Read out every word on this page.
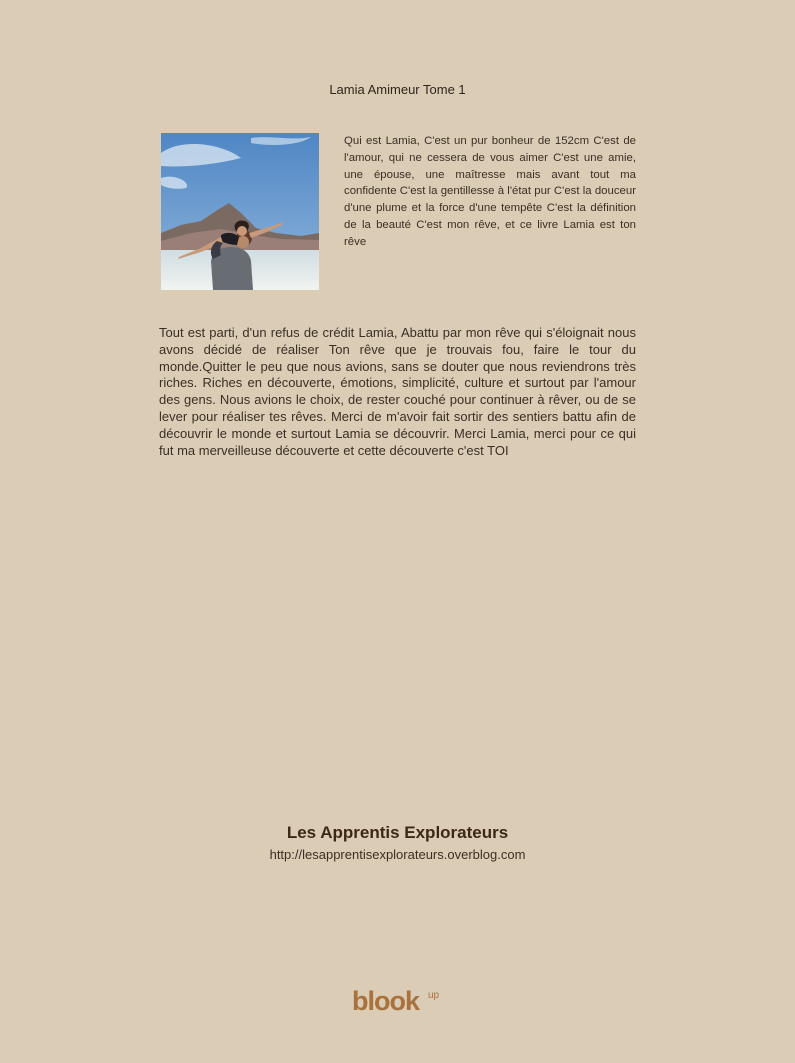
Lamia Amimeur Tome 1
Qui est Lamia, C'est un pur bonheur de 152cm C'est de l'amour, qui ne cessera de vous aimer C'est une amie, une épouse, une maîtresse mais avant tout ma confidente C'est la gentillesse à l'état pur C'est la douceur d'une plume et la force d'une tempête C'est la définition de la beauté C'est mon rêve, et ce livre Lamia est ton rêve
Tout est parti, d'un refus de crédit Lamia, Abattu par mon rêve qui s'éloignait nous avons décidé de réaliser Ton rêve que je trouvais fou, faire le tour du monde.Quitter le peu que nous avions, sans se douter que nous reviendrons très riches. Riches en découverte, émotions, simplicité, culture et surtout par l'amour des gens. Nous avions le choix, de rester couché pour continuer à rêver, ou de se lever pour réaliser tes rêves. Merci de m'avoir fait sortir des sentiers battu afin de découvrir le monde et surtout Lamia se découvrir. Merci Lamia, merci pour ce qui fut ma merveilleuse découverte et cette découverte c'est TOI
Les Apprentis Explorateurs
http://lesapprentisexplorateurs.overblog.com
blook up
